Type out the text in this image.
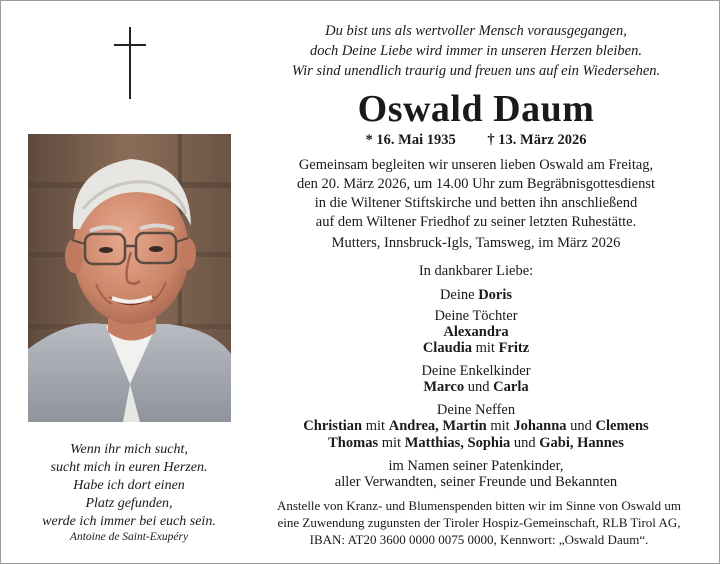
Du bist uns als wertvoller Mensch vorausgegangen,
doch Deine Liebe wird immer in unseren Herzen bleiben.
Wir sind unendlich traurig und freuen uns auf ein Wiedersehen.
Oswald Daum
* 16. Mai 1935 † 13. März 2026
Gemeinsam begleiten wir unseren lieben Oswald am Freitag,
den 20. März 2026, um 14.00 Uhr zum Begräbnisgottesdienst
in die Wiltener Stiftskirche und betten ihn anschließend
auf dem Wiltener Friedhof zu seiner letzten Ruhestätte.
Mutters, Innsbruck-Igls, Tamsweg, im März 2026
In dankbarer Liebe:
Deine Doris
Deine Töchter
Alexandra
Claudia mit Fritz
Deine Enkelkinder
Marco und Carla
Deine Neffen
Christian mit Andrea, Martin mit Johanna und Clemens
Thomas mit Matthias, Sophia und Gabi, Hannes
im Namen seiner Patenkinder,
aller Verwandten, seiner Freunde und Bekannten
Anstelle von Kranz- und Blumenspenden bitten wir im Sinne von Oswald um
eine Zuwendung zugunsten der Tiroler Hospiz-Gemeinschaft, RLB Tirol AG,
IBAN: AT20 3600 0000 0075 0000, Kennwort: „Oswald Daum“.
Wenn ihr mich sucht,
sucht mich in euren Herzen.
Habe ich dort einen
Platz gefunden,
werde ich immer bei euch sein.
Antoine de Saint-Exupéry
